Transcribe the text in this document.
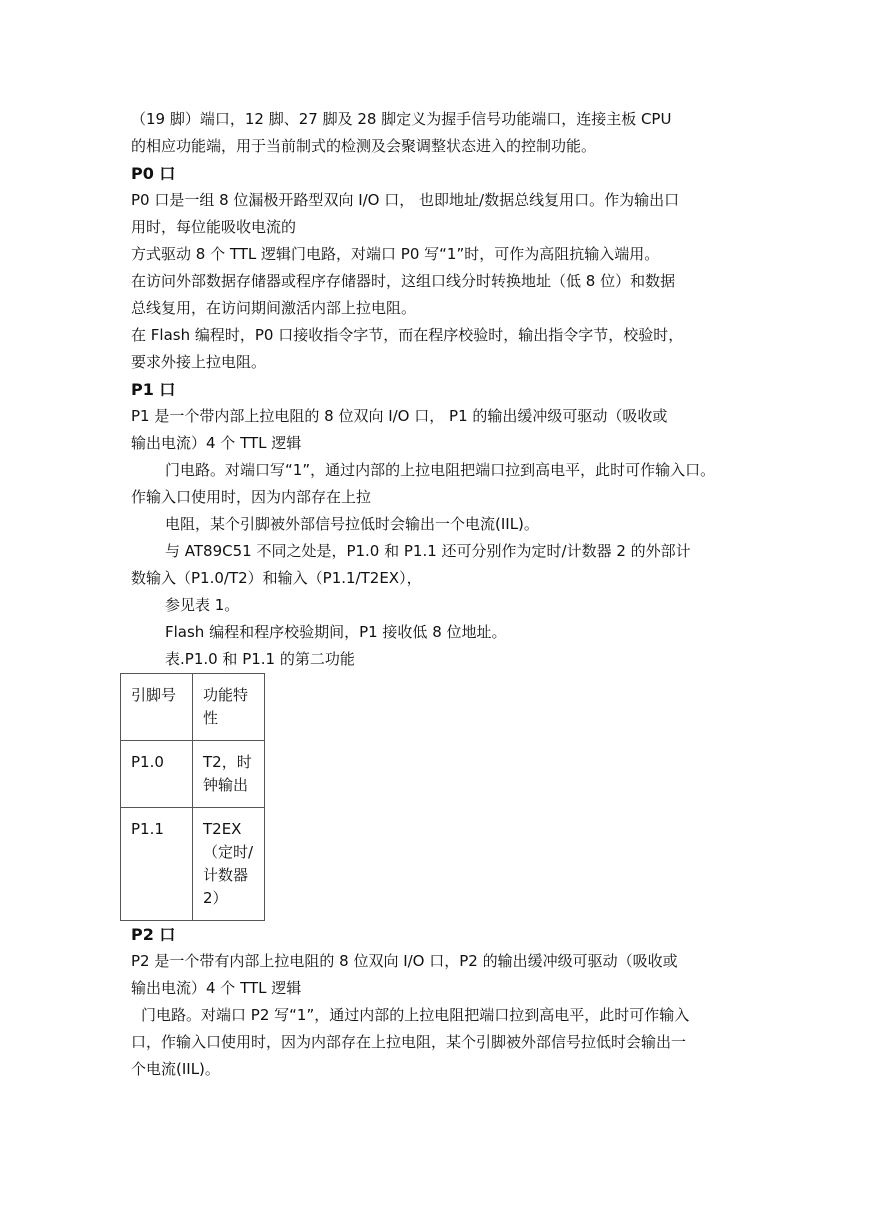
（19 脚）端口，12 脚、27 脚及 28 脚定义为握手信号功能端口，连接主板 CPU

的相应功能端，用于当前制式的检测及会聚调整状态进入的控制功能。

P0 口

P0 口是一组 8 位漏极开路型双向 I/O 口， 也即地址/数据总线复用口。作为输出口

用时，每位能吸收电流的

方式驱动 8 个 TTL 逻辑门电路，对端口 P0 写“1”时，可作为高阻抗输入端用。

在访问外部数据存储器或程序存储器时，这组口线分时转换地址（低 8 位）和数据

总线复用，在访问期间激活内部上拉电阻。

在 Flash 编程时，P0 口接收指令字节，而在程序校验时，输出指令字节，校验时，

要求外接上拉电阻。

P1 口

P1 是一个带内部上拉电阻的 8 位双向 I/O 口， P1 的输出缓冲级可驱动（吸收或

输出电流）4 个 TTL 逻辑

门电路。对端口写“1”，通过内部的上拉电阻把端口拉到高电平，此时可作输入口。

作输入口使用时，因为内部存在上拉

电阻，某个引脚被外部信号拉低时会输出一个电流(IIL)。

与 AT89C51 不同之处是，P1.0 和 P1.1 还可分别作为定时/计数器 2 的外部计

数输入（P1.0/T2）和输入（P1.1/T2EX），

参见表 1。

Flash 编程和程序校验期间，P1 接收低 8 位地址。

表.P1.0 和 P1.1 的第二功能

引脚号	功能特
性
P1.0	T2，时
钟输出
P1.1	T2EX
（定时/
计数器
2）

P2 口

P2 是一个带有内部上拉电阻的 8 位双向 I/O 口，P2 的输出缓冲级可驱动（吸收或

输出电流）4 个 TTL 逻辑

门电路。对端口 P2 写“1”，通过内部的上拉电阻把端口拉到高电平，此时可作输入

口，作输入口使用时，因为内部存在上拉电阻，某个引脚被外部信号拉低时会输出一

个电流(IIL)。
